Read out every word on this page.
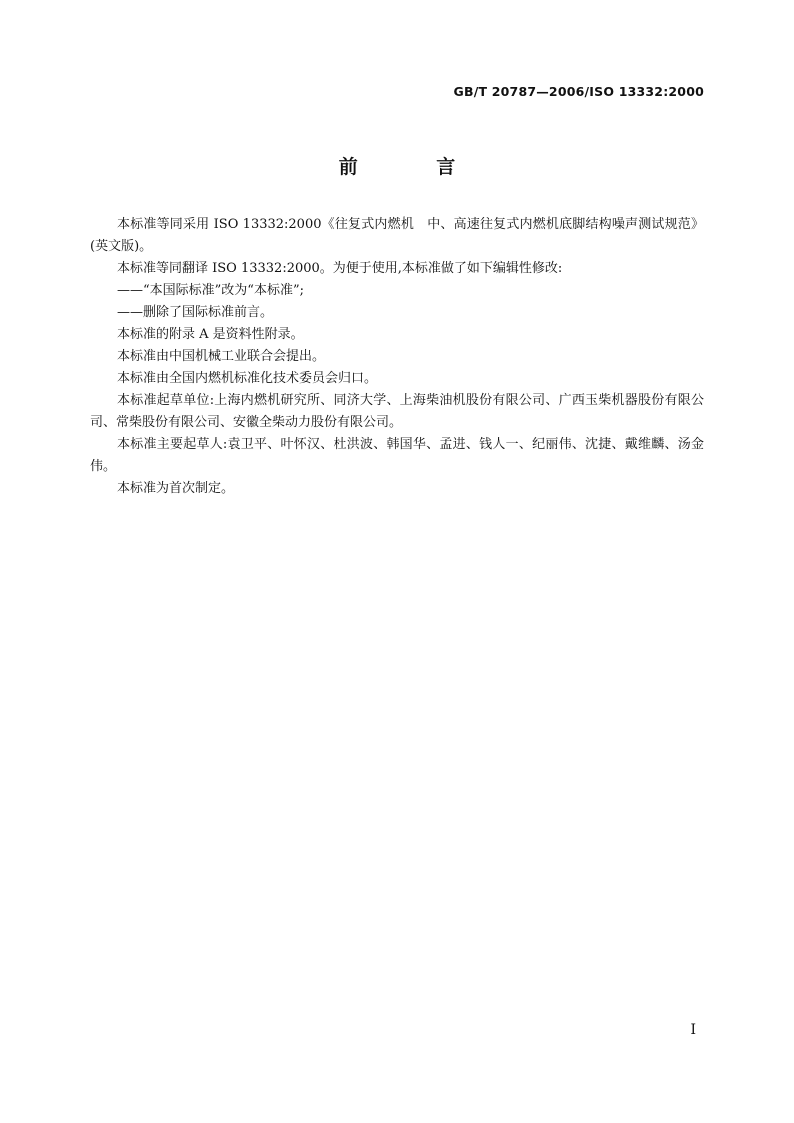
GB/T 20787—2006/ISO 13332:2000
前 言

本标准等同采用 ISO 13332:2000《往复式内燃机　中、高速往复式内燃机底脚结构噪声测试规范》(英文版)。

本标准等同翻译 ISO 13332:2000。为便于使用,本标准做了如下编辑性修改:

——“本国际标准”改为“本标准”;

——删除了国际标准前言。

本标准的附录 A 是资料性附录。

本标准由中国机械工业联合会提出。

本标准由全国内燃机标准化技术委员会归口。

本标准起草单位:上海内燃机研究所、同济大学、上海柴油机股份有限公司、广西玉柴机器股份有限公司、常柴股份有限公司、安徽全柴动力股份有限公司。

本标准主要起草人:袁卫平、叶怀汉、杜洪波、韩国华、孟进、钱人一、纪丽伟、沈捷、戴维麟、汤金伟。

本标准为首次制定。

I
